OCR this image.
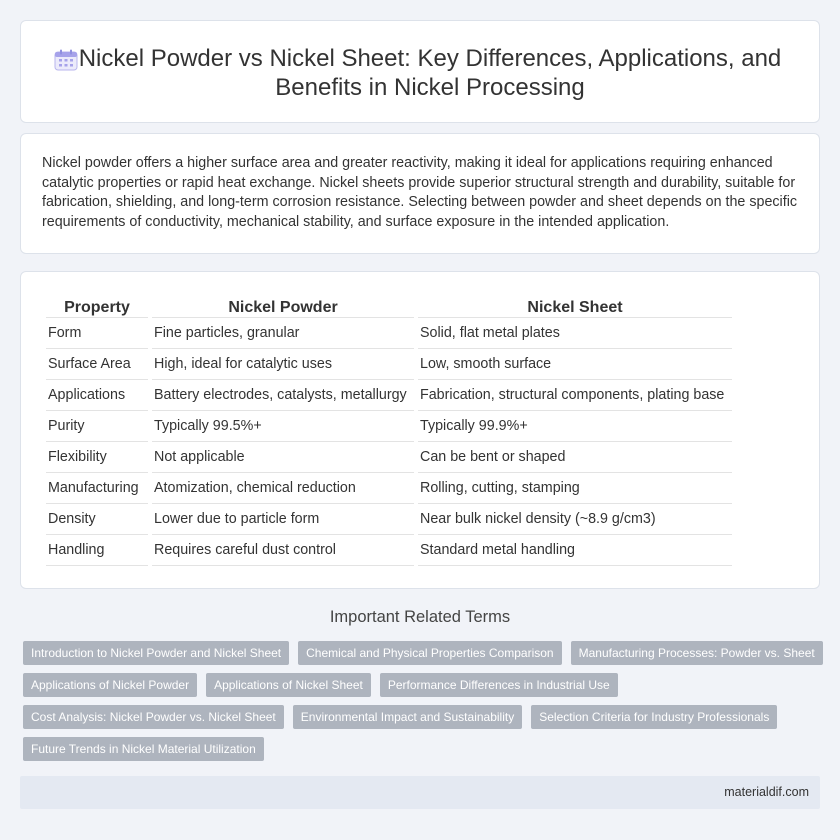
Nickel Powder vs Nickel Sheet: Key Differences, Applications, and Benefits in Nickel Processing

Nickel powder offers a higher surface area and greater reactivity, making it ideal for applications requiring enhanced catalytic properties or rapid heat exchange. Nickel sheets provide superior structural strength and durability, suitable for fabrication, shielding, and long-term corrosion resistance. Selecting between powder and sheet depends on the specific requirements of conductivity, mechanical stability, and surface exposure in the intended application.

Property	Nickel Powder	Nickel Sheet
Form	Fine particles, granular	Solid, flat metal plates
Surface Area	High, ideal for catalytic uses	Low, smooth surface
Applications	Battery electrodes, catalysts, metallurgy	Fabrication, structural components, plating base
Purity	Typically 99.5%+	Typically 99.9%+
Flexibility	Not applicable	Can be bent or shaped
Manufacturing	Atomization, chemical reduction	Rolling, cutting, stamping
Density	Lower due to particle form	Near bulk nickel density (~8.9 g/cm3)
Handling	Requires careful dust control	Standard metal handling
Important Related Terms
Introduction to Nickel Powder and Nickel Sheet	Chemical and Physical Properties Comparison	Manufacturing Processes: Powder vs. Sheet
Applications of Nickel Powder	Applications of Nickel Sheet	Performance Differences in Industrial Use
Cost Analysis: Nickel Powder vs. Nickel Sheet	Environmental Impact and Sustainability	Selection Criteria for Industry Professionals
Future Trends in Nickel Material Utilization
materialdif.com
